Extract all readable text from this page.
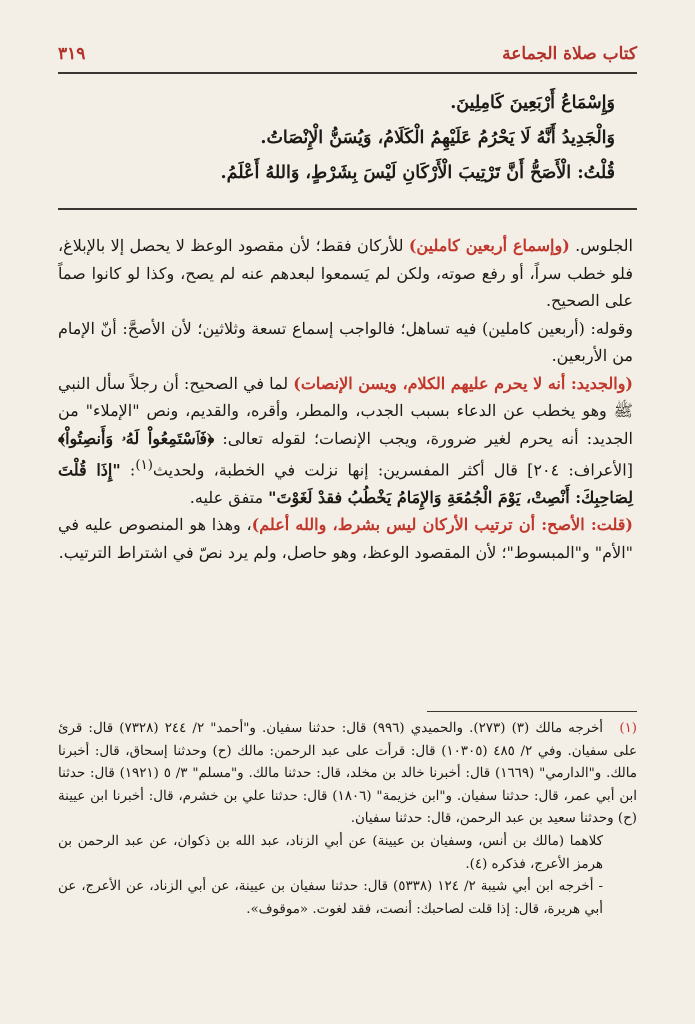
كتاب صلاة الجماعة
٣١٩
وَإِسْمَاعُ أَرْبَعِينَ كَامِلِينَ.
وَالْجَدِيدُ أَنَّهُ لَا يَحْرُمُ عَلَيْهِمُ الْكَلَامُ، وَيُسَنُّ الْإِنْصَاتُ.
قُلْتُ: الْأَصَحُّ أَنَّ تَرْتِيبَ الْأَرْكَانِ لَيْسَ بِشَرْطٍ، وَاللهُ أَعْلَمُ.

الجلوس. (وإسماع أربعين كاملين) للأركان فقط؛ لأن مقصود الوعظ لا يحصل إلا بالإبلاغ، فلو خطب سراً، أو رفع صوته، ولكن لم يَسمعوا لبعدهم عنه لم يصح، وكذا لو كانوا صماً على الصحيح.

وقوله: (أربعين كاملين) فيه تساهل؛ فالواجب إسماع تسعة وثلاثين؛ لأن الأصحَّ: أنّ الإمام من الأربعين.

(والجديد: أنه لا يحرم عليهم الكلام، ويسن الإنصات) لما في الصحيح: أن رجلاً سأل النبي ﷺ وهو يخطب عن الدعاء بسبب الجدب، والمطر، وأقره، والقديم، ونص "الإملاء" من الجديد: أنه يحرم لغير ضرورة، ويجب الإنصات؛ لقوله تعالى: ﴿فَٱسْتَمِعُواْ لَهُۥ وَأَنصِتُواْ﴾ [الأعراف: ٢٠٤] قال أكثر المفسرين: إنها نزلت في الخطبة، ولحديث$^{(١)}$: "إِذَا قُلْتَ لِصَاحِبِكَ: أَنْصِتْ، يَوْمَ الْجُمُعَةِ وَالإِمَامُ يَخْطُبُ فقدْ لَغَوْتَ" متفق عليه.

(قلت: الأصح: أن ترتيب الأركان ليس بشرط، والله أعلم)، وهذا هو المنصوص عليه في "الأم" و"المبسوط"؛ لأن المقصود الوعظ، وهو حاصل، ولم يرد نصّ في اشتراط الترتيب.

(١)أخرجه مالك (٣) (٢٧٣). والحميدي (٩٩٦) قال: حدثنا سفيان. و"أحمد" ٢/ ٢٤٤ (٧٣٢٨) قال: قرئ على سفيان. وفي ٢/ ٤٨٥ (١٠٣٠٥) قال: قرأت على عبد الرحمن: مالك (ح) وحدثنا إسحاق، قال: أخبرنا مالك. و"الدارمي" (١٦٦٩) قال: أخبرنا خالد بن مخلد، قال: حدثنا مالك. و"مسلم" ٣/ ٥ (١٩٢١) قال: حدثنا ابن أبي عمر، قال: حدثنا سفيان. و"ابن خزيمة" (١٨٠٦) قال: حدثنا علي بن خشرم، قال: أخبرنا ابن عيينة (ح) وحدثنا سعيد بن عبد الرحمن، قال: حدثنا سفيان.

كلاهما (مالك بن أنس، وسفيان بن عيينة) عن أبي الزناد، عبد الله بن ذكوان، عن عبد الرحمن بن هرمز الأعرج، فذكره (٤).

- أخرجه ابن أبي شيبة ٢/ ١٢٤ (٥٣٣٨) قال: حدثنا سفيان بن عيينة، عن أبي الزناد، عن الأعرج، عن أبي هريرة، قال: إذا قلت لصاحبك: أنصت، فقد لغوت. «موقوف».
